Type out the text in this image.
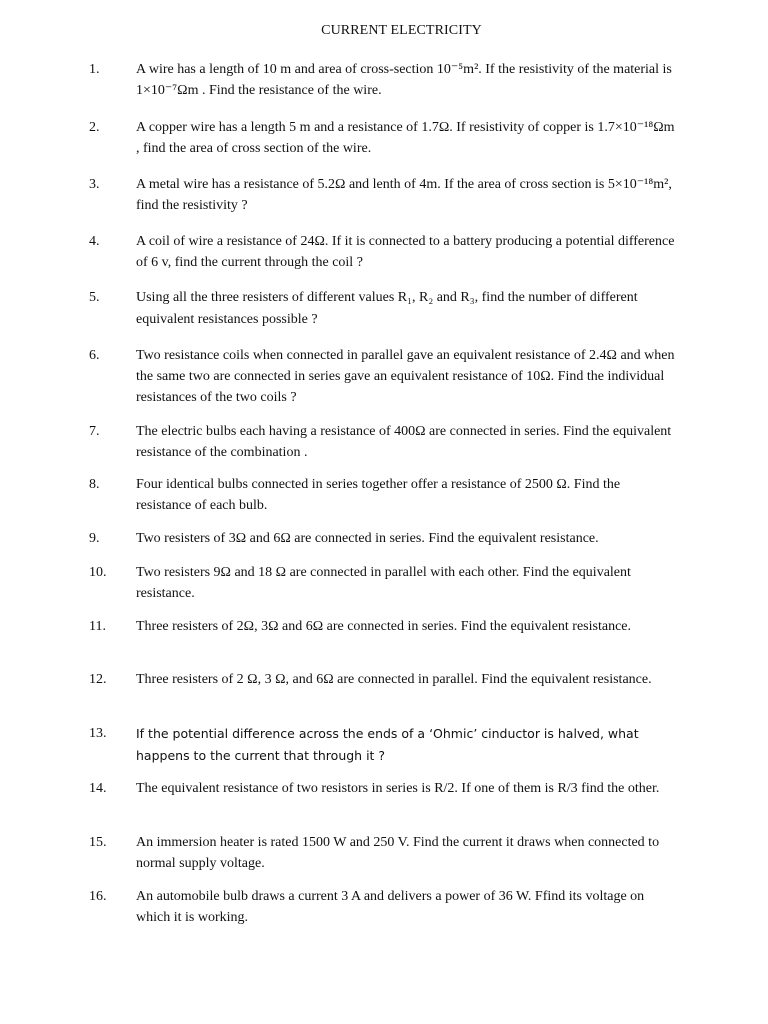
CURRENT ELECTRICITY
1.	A wire has a length of 10 m and area of cross-section 10⁻⁵m². If the resistivity of the material is 1×10⁻⁷Ωm . Find the resistance of the wire.
2.	A copper wire has a length 5 m and a resistance of 1.7Ω. If resistivity of copper is 1.7×10⁻¹⁸Ωm , find the area of cross section of the wire.
3.	A metal wire has a resistance of 5.2Ω and lenth of 4m. If the area of cross section is 5×10⁻¹⁸m², find the resistivity ?
4.	A coil of wire a resistance of 24Ω. If it is connected to a battery producing a potential difference of 6 v, find the current through the coil ?
5.	Using all the three resisters of different values R₁, R₂ and R₃, find the number of different equivalent resistances possible ?
6.	Two resistance coils when connected in parallel gave an equivalent resistance of 2.4Ω and when the same two are connected in series gave an equivalent resistance of 10Ω. Find the individual resistances of the two coils ?
7.	The electric bulbs each having a resistance of 400Ω are connected in series. Find the equivalent resistance of the combination .
8.	Four identical bulbs connected in series together offer a resistance of 2500 Ω. Find the resistance of each bulb.
9.	Two resisters of 3Ω and 6Ω are connected in series. Find the equivalent resistance.
10. Two resisters 9Ω and 18 Ω are connected in parallel with each other. Find the equivalent resistance.
11. Three resisters of 2Ω, 3Ω and 6Ω are connected in series. Find the equivalent resistance.
12. Three resisters of 2 Ω, 3 Ω, and 6Ω are connected in parallel. Find the equivalent resistance.
13. If the potential difference across the ends of a ‘Ohmic’ cinductor is halved, what happens to the current that through it ?
14. The equivalent resistance of two resistors in series is R/2. If one of them is R/3 find the other.
15. An immersion heater is rated 1500 W and 250 V. Find the current it draws when connected to normal supply voltage.
16. An automobile bulb draws a current 3 A and delivers a power of 36 W. Ffind its voltage on which it is working.
